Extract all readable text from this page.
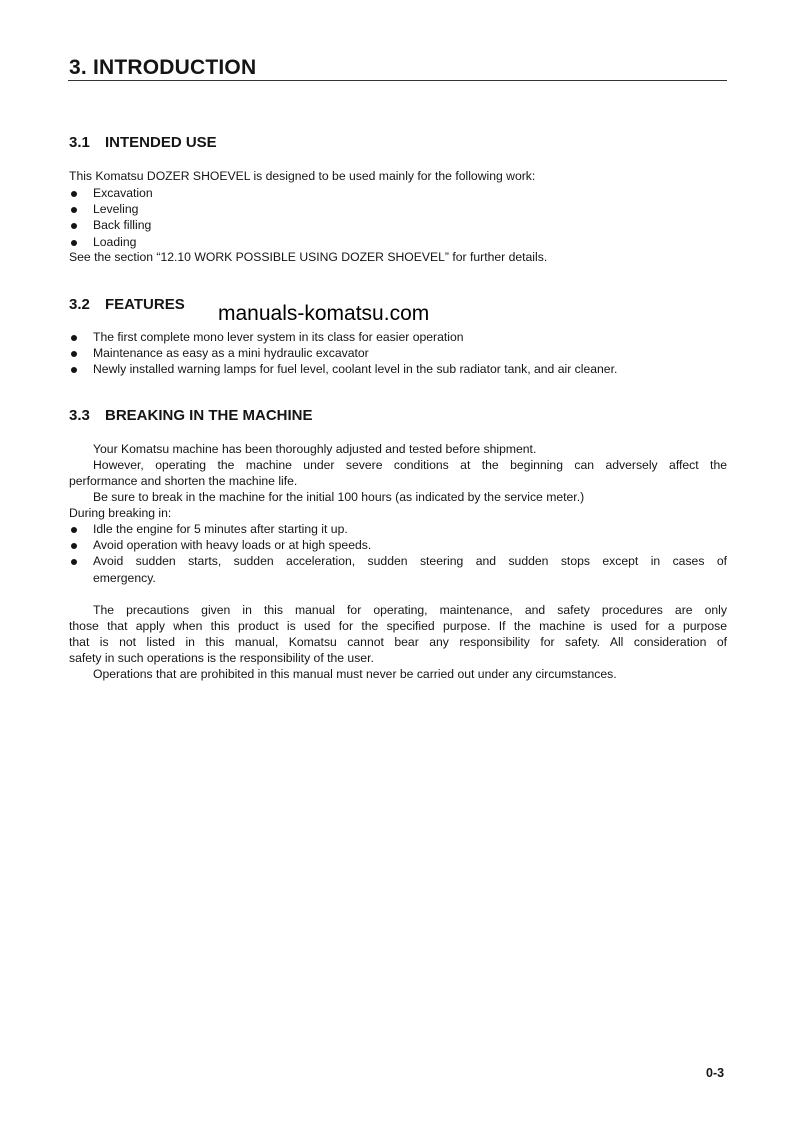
3. INTRODUCTION
3.1 INTENDED USE
This Komatsu DOZER SHOEVEL is designed to be used mainly for the following work:
Excavation
Leveling
Back filling
Loading
See the section “12.10 WORK POSSIBLE USING DOZER SHOEVEL” for further details.
3.2 FEATURES manuals-komatsu.com
The first complete mono lever system in its class for easier operation
Maintenance as easy as a mini hydraulic excavator
Newly installed warning lamps for fuel level, coolant level in the sub radiator tank, and air cleaner.
3.3 BREAKING IN THE MACHINE
Your Komatsu machine has been thoroughly adjusted and tested before shipment.
However, operating the machine under severe conditions at the beginning can adversely affect the
performance and shorten the machine life.
Be sure to break in the machine for the initial 100 hours (as indicated by the service meter.)
During breaking in:
Idle the engine for 5 minutes after starting it up.
Avoid operation with heavy loads or at high speeds.
Avoid sudden starts, sudden acceleration, sudden steering and sudden stops except in cases of
emergency.
The precautions given in this manual for operating, maintenance, and safety procedures are only
those that apply when this product is used for the specified purpose. If the machine is used for a purpose
that is not listed in this manual, Komatsu cannot bear any responsibility for safety. All consideration of
safety in such operations is the responsibility of the user.
Operations that are prohibited in this manual must never be carried out under any circumstances.
0-3
